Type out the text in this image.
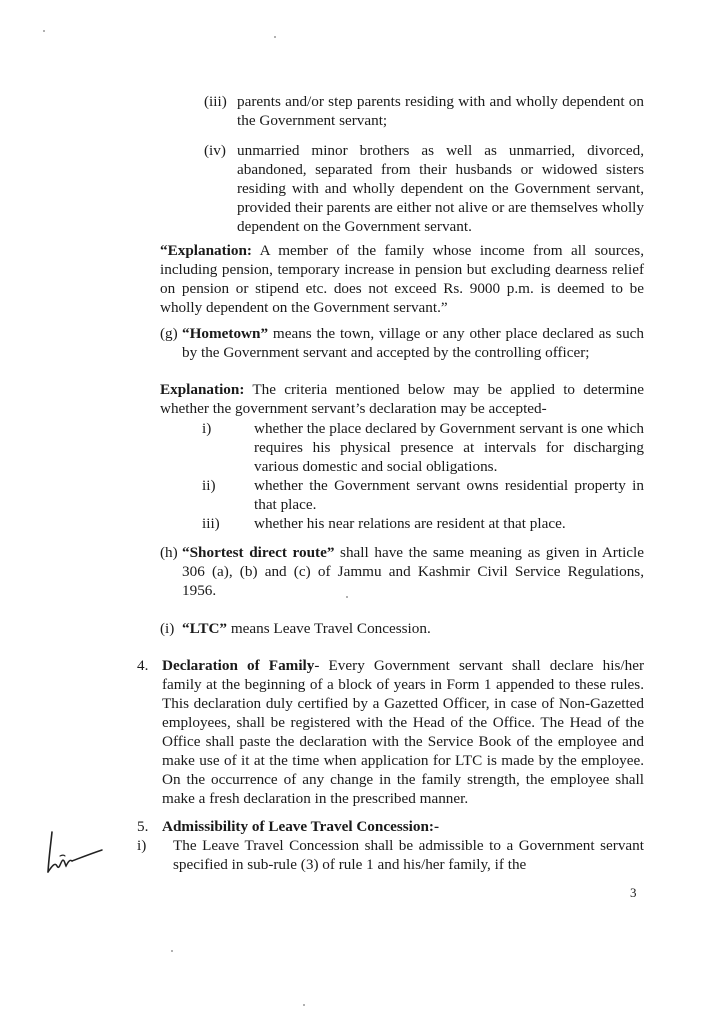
(iii) parents and/or step parents residing with and wholly dependent on the Government servant;
(iv) unmarried minor brothers as well as unmarried, divorced, abandoned, separated from their husbands or widowed sisters residing with and wholly dependent on the Government servant, provided their parents are either not alive or are themselves wholly dependent on the Government servant.

“Explanation: A member of the family whose income from all sources, including pension, temporary increase in pension but excluding dearness relief on pension or stipend etc. does not exceed Rs. 9000 p.m. is deemed to be wholly dependent on the Government servant.”

(g) “Hometown” means the town, village or any other place declared as such by the Government servant and accepted by the controlling officer;

Explanation: The criteria mentioned below may be applied to determine whether the government servant’s declaration may be accepted-

i)	whether the place declared by Government servant is one which requires his physical presence at intervals for discharging various domestic and social obligations.
ii)	whether the Government servant owns residential property in that place.
iii)	whether his near relations are resident at that place.
(h) “Shortest direct route” shall have the same meaning as given in Article 306 (a), (b) and (c) of Jammu and Kashmir Civil Service Regulations, 1956.
(i) “LTC” means Leave Travel Concession.
4. Declaration of Family- Every Government servant shall declare his/her family at the beginning of a block of years in Form 1 appended to these rules. This declaration duly certified by a Gazetted Officer, in case of Non-Gazetted employees, shall be registered with the Head of the Office. The Head of the Office shall paste the declaration with the Service Book of the employee and make use of it at the time when application for LTC is made by the employee. On the occurrence of any change in the family strength, the employee shall make a fresh declaration in the prescribed manner.
5. Admissibility of Leave Travel Concession:-
i)	The Leave Travel Concession shall be admissible to a Government servant specified in sub-rule (3) of rule 1 and his/her family, if the
3
